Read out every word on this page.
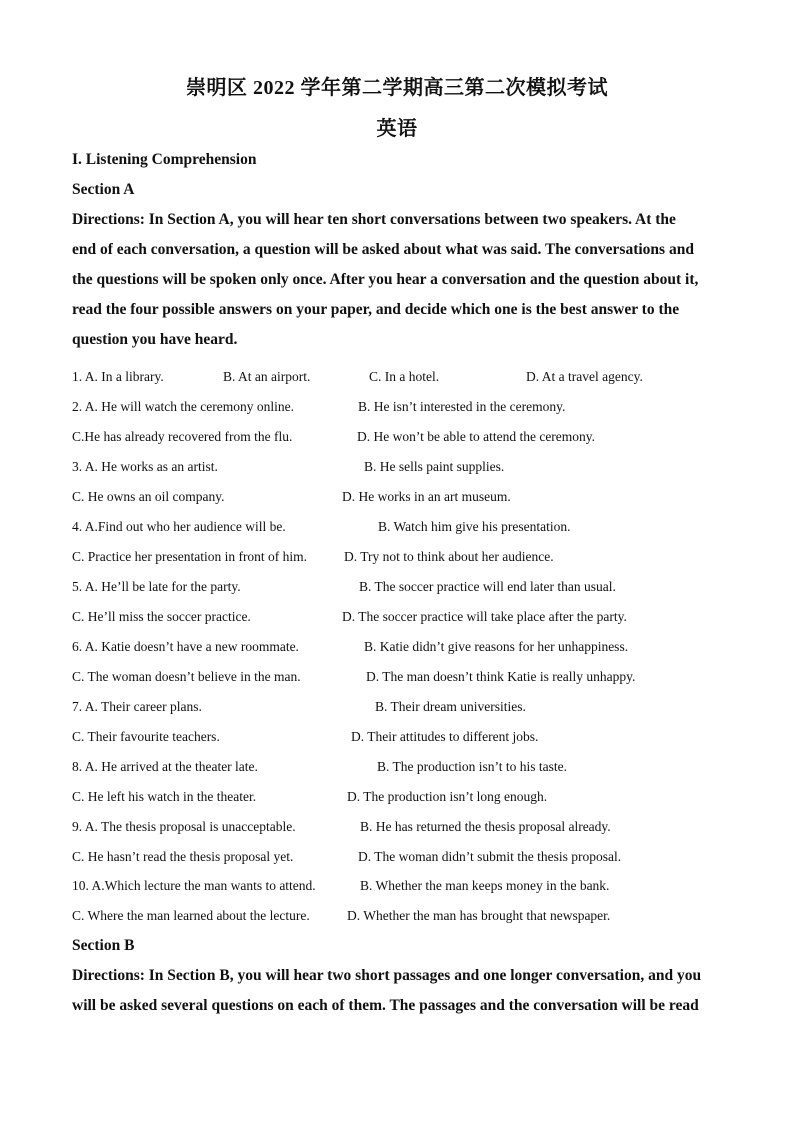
崇明区 2022 学年第二学期高三第二次模拟考试
英语
I. Listening Comprehension
Section A
Directions: In Section A, you will hear ten short conversations between two speakers. At the
end of each conversation, a question will be asked about what was said. The conversations and
the questions will be spoken only once. After you hear a conversation and the question about it,
read the four possible answers on your paper, and decide which one is the best answer to the
question you have heard.
1. A. In a library.	B. At an airport.	C. In a hotel.	D. At a travel agency.
2. A. He will watch the ceremony online.	B. He isn’t interested in the ceremony.
C.He has already recovered from the flu.	D. He won’t be able to attend the ceremony.
3. A. He works as an artist.	B. He sells paint supplies.
C. He owns an oil company.	D. He works in an art museum.
4. A.Find out who her audience will be.	B. Watch him give his presentation.
C. Practice her presentation in front of him.	D. Try not to think about her audience.
5. A. He’ll be late for the party.	B. The soccer practice will end later than usual.
C. He’ll miss the soccer practice.	D. The soccer practice will take place after the party.
6. A. Katie doesn’t have a new roommate.	B. Katie didn’t give reasons for her unhappiness.
C. The woman doesn’t believe in the man.	D. The man doesn’t think Katie is really unhappy.
7. A. Their career plans.	B. Their dream universities.
C. Their favourite teachers.	D. Their attitudes to different jobs.
8. A. He arrived at the theater late.	B. The production isn’t to his taste.
C. He left his watch in the theater.	D. The production isn’t long enough.
9. A. The thesis proposal is unacceptable.	B. He has returned the thesis proposal already.
C. He hasn’t read the thesis proposal yet.	D. The woman didn’t submit the thesis proposal.
10. A.Which lecture the man wants to attend.	B. Whether the man keeps money in the bank.
C. Where the man learned about the lecture.	D. Whether the man has brought that newspaper.
Section B
Directions: In Section B, you will hear two short passages and one longer conversation, and you
will be asked several questions on each of them. The passages and the conversation will be read
